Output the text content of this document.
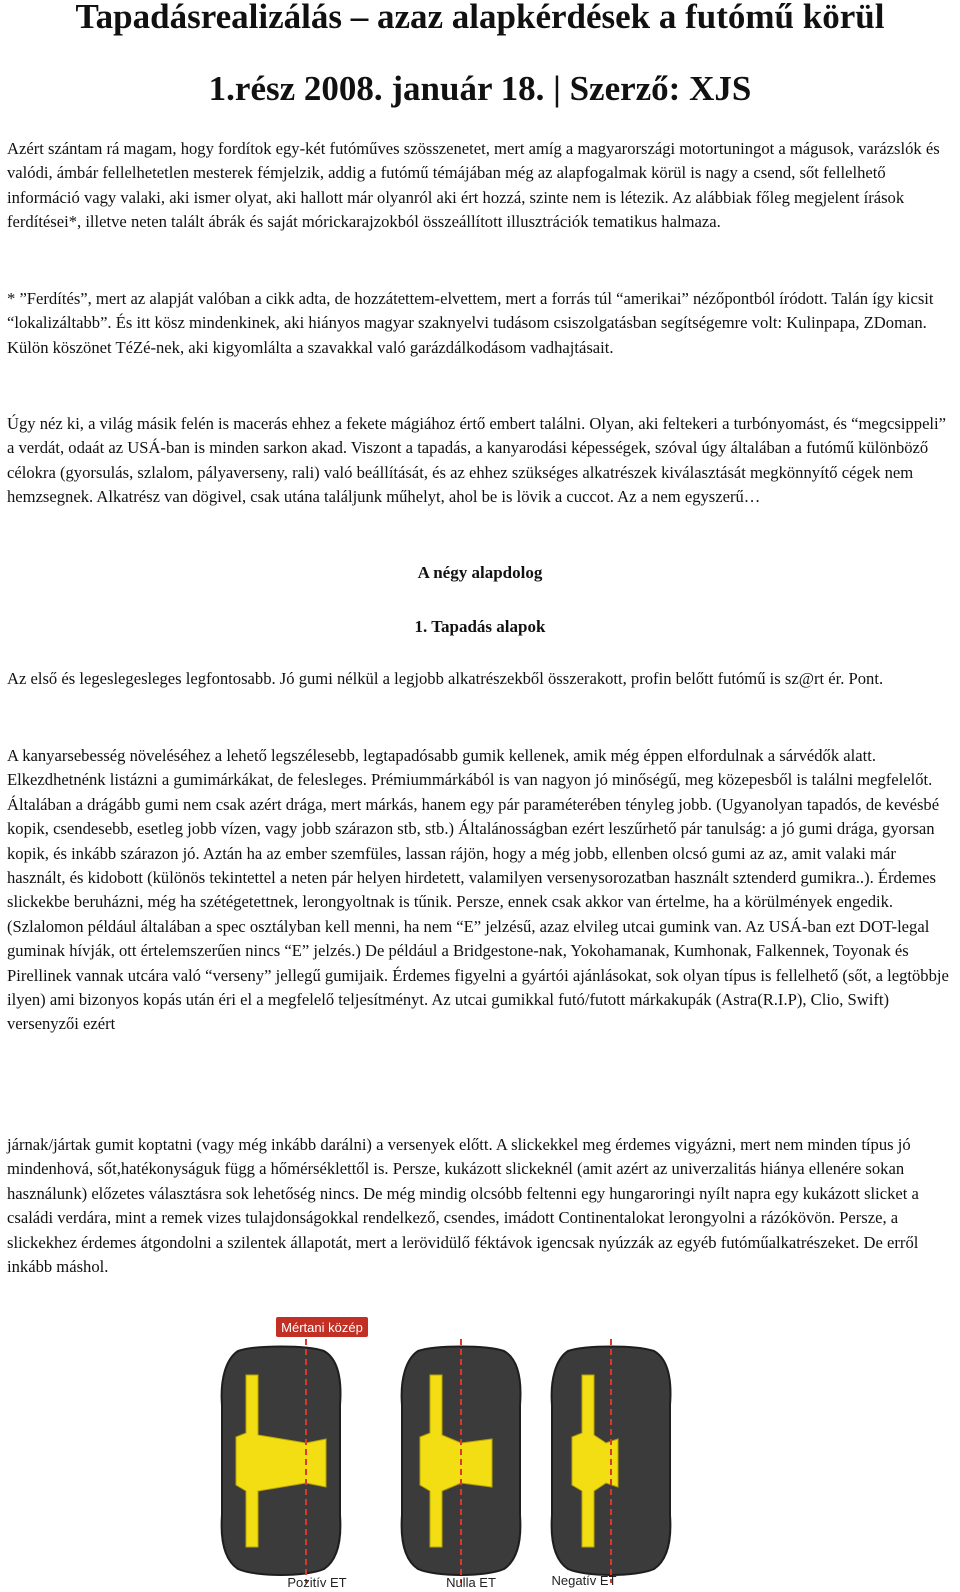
Tapadásrealizálás – azaz alapkérdések a futómű körül
1.rész 2008. január 18. | Szerző: XJS

Azért szántam rá magam, hogy fordítok egy-két futóműves szösszenetet, mert amíg a magyarországi motortuningot a mágusok, varázslók és valódi, ámbár fellelhetetlen mesterek fémjelzik, addig a futómű témájában még az alapfogalmak körül is nagy a csend, sőt fellelhető információ vagy valaki, aki ismer olyat, aki hallott már olyanról aki ért hozzá, szinte nem is létezik. Az alábbiak főleg megjelent írások ferdítései*, illetve neten talált ábrák és saját mórickarajzokból összeállított illusztrációk tematikus halmaza.

* ”Ferdítés”, mert az alapját valóban a cikk adta, de hozzátettem-elvettem, mert a forrás túl “amerikai” nézőpontból íródott. Talán így kicsit “lokalizáltabb”. És itt kösz mindenkinek, aki hiányos magyar szaknyelvi tudásom csiszolgatásban segítségemre volt: Kulinpapa, ZDoman. Külön köszönet TéZé-nek, aki kigyomlálta a szavakkal való garázdálkodásom vadhajtásait.

Úgy néz ki, a világ másik felén is macerás ehhez a fekete mágiához értő embert találni. Olyan, aki feltekeri a turbónyomást, és “megcsippeli” a verdát, odaát az USÁ-ban is minden sarkon akad. Viszont a tapadás, a kanyarodási képességek, szóval úgy általában a futómű különböző célokra (gyorsulás, szlalom, pályaverseny, rali) való beállítását, és az ehhez szükséges alkatrészek kiválasztását megkönnyítő cégek nem hemzsegnek. Alkatrész van dögivel, csak utána találjunk műhelyt, ahol be is lövik a cuccot. Az a nem egyszerű…

A négy alapdolog

1. Tapadás alapok

Az első és legeslegesleges legfontosabb. Jó gumi nélkül a legjobb alkatrészekből összerakott, profin belőtt futómű is sz@rt ér. Pont.

A kanyarsebesség növeléséhez a lehető legszélesebb, legtapadósabb gumik kellenek, amik még éppen elfordulnak a sárvédők alatt. Elkezdhetnénk listázni a gumimárkákat, de felesleges. Prémiummárkából is van nagyon jó minőségű, meg közepesből is találni megfelelőt. Általában a drágább gumi nem csak azért drága, mert márkás, hanem egy pár paraméterében tényleg jobb. (Ugyanolyan tapadós, de kevésbé kopik, csendesebb, esetleg jobb vízen, vagy jobb szárazon stb, stb.) Általánosságban ezért leszűrhető pár tanulság: a jó gumi drága, gyorsan kopik, és inkább szárazon jó. Aztán ha az ember szemfüles, lassan rájön, hogy a még jobb, ellenben olcsó gumi az az, amit valaki már használt, és kidobott (különös tekintettel a neten pár helyen hirdetett, valamilyen versenysorozatban használt sztenderd gumikra..). Érdemes slickekbe beruházni, még ha szétégetettnek, lerongyoltnak is tűnik. Persze, ennek csak akkor van értelme, ha a körülmények engedik. (Szlalomon például általában a spec osztályban kell menni, ha nem “E” jelzésű, azaz elvileg utcai gumink van. Az USÁ-ban ezt DOT-legal guminak hívják, ott értelemszerűen nincs “E” jelzés.) De például a Bridgestone-nak, Yokohamanak, Kumhonak, Falkennek, Toyonak és Pirellinek vannak utcára való “verseny” jellegű gumijaik. Érdemes figyelni a gyártói ajánlásokat, sok olyan típus is fellelhető (sőt, a legtöbbje ilyen) ami bizonyos kopás után éri el a megfelelő teljesítményt. Az utcai gumikkal futó/futott márkakupák (Astra(R.I.P), Clio, Swift) versenyzői ezért

járnak/jártak gumit koptatni (vagy még inkább darálni) a versenyek előtt. A slickekkel meg érdemes vigyázni, mert nem minden típus jó mindenhová, sőt,hatékonyságuk függ a hőmérséklettől is. Persze, kukázott slickeknél (amit azért az univerzalitás hiánya ellenére sokan használunk) előzetes választásra sok lehetőség nincs. De még mindig olcsóbb feltenni egy hungaroringi nyílt napra egy kukázott slicket a családi verdára, mint a remek vizes tulajdonságokkal rendelkező, csendes, imádott Continentalokat lerongyolni a rázókövön. Persze, a slickekhez érdemes átgondolni a szilentek állapotát, mert a lerövidülő féktávok igencsak nyúzzák az egyéb futóműalkatrészeket. De erről inkább máshol.

Mértani közép
Pozitív ET	Nulla ET	Negatív ET
